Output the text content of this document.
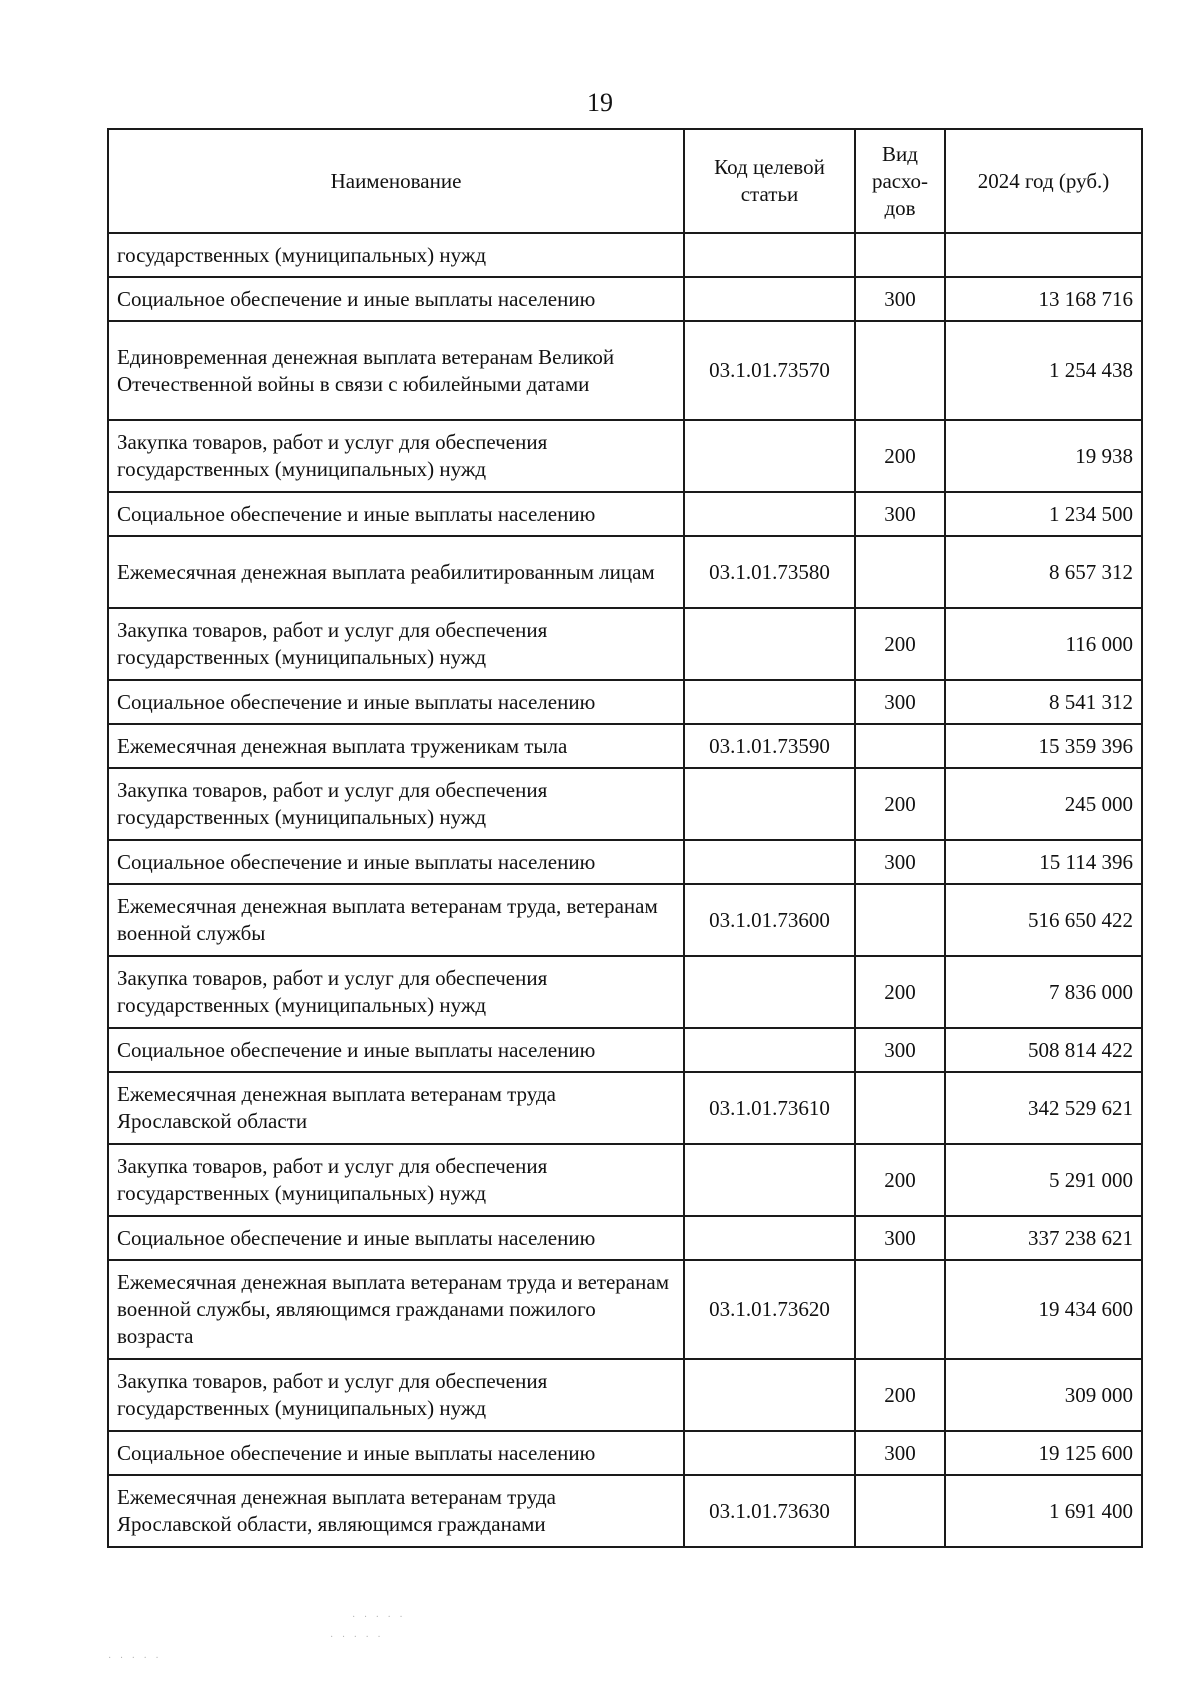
19
Наименование	Код целевой статьи	Вид расхо-дов	2024 год (руб.)
государственных (муниципальных) нужд			
Социальное обеспечение и иные выплаты населению		300	13 168 716
Единовременная денежная выплата ветеранам Великой Отечественной войны в связи с юбилейными датами	03.1.01.73570		1 254 438
Закупка товаров, работ и услуг для обеспечения государственных (муниципальных) нужд		200	19 938
Социальное обеспечение и иные выплаты населению		300	1 234 500
Ежемесячная денежная выплата реабилитированным лицам	03.1.01.73580		8 657 312
Закупка товаров, работ и услуг для обеспечения государственных (муниципальных) нужд		200	116 000
Социальное обеспечение и иные выплаты населению		300	8 541 312
Ежемесячная денежная выплата труженикам тыла	03.1.01.73590		15 359 396
Закупка товаров, работ и услуг для обеспечения государственных (муниципальных) нужд		200	245 000
Социальное обеспечение и иные выплаты населению		300	15 114 396
Ежемесячная денежная выплата ветеранам труда, ветеранам военной службы	03.1.01.73600		516 650 422
Закупка товаров, работ и услуг для обеспечения государственных (муниципальных) нужд		200	7 836 000
Социальное обеспечение и иные выплаты населению		300	508 814 422
Ежемесячная денежная выплата ветеранам труда Ярославской области	03.1.01.73610		342 529 621
Закупка товаров, работ и услуг для обеспечения государственных (муниципальных) нужд		200	5 291 000
Социальное обеспечение и иные выплаты населению		300	337 238 621
Ежемесячная денежная выплата ветеранам труда и ветеранам военной службы, являющимся гражданами пожилого возраста	03.1.01.73620		19 434 600
Закупка товаров, работ и услуг для обеспечения государственных (муниципальных) нужд		200	309 000
Социальное обеспечение и иные выплаты населению		300	19 125 600
Ежемесячная денежная выплата ветеранам труда Ярославской области, являющимся гражданами	03.1.01.73630		1 691 400
· · · · ·
· · · · ·
· · · · ·
